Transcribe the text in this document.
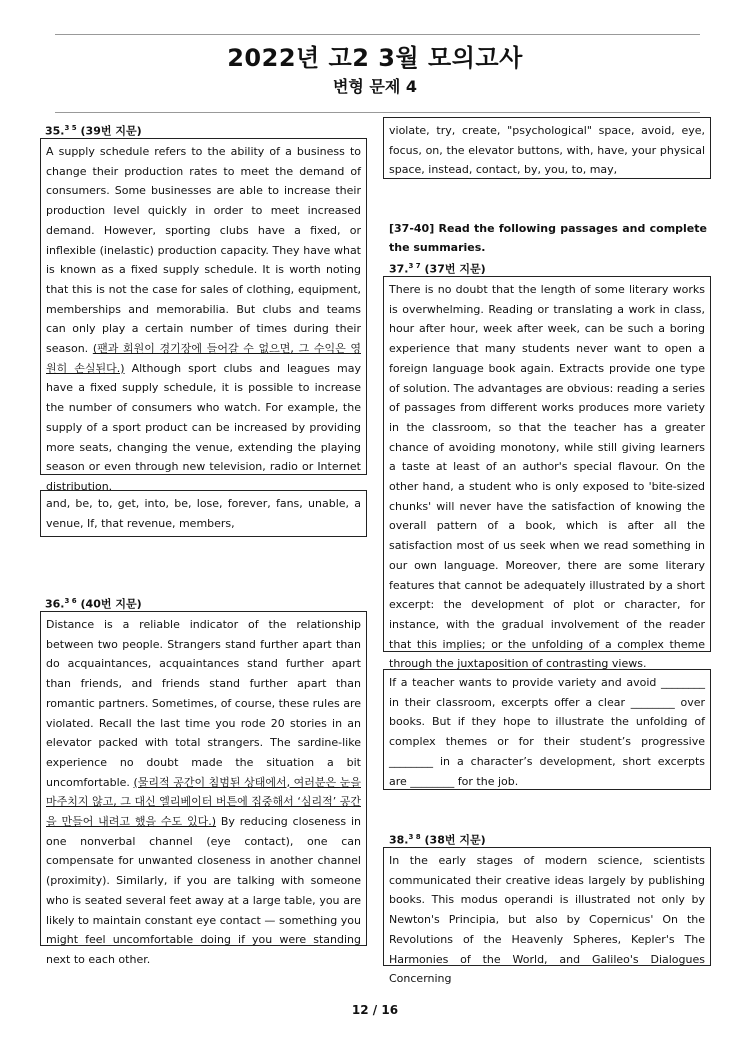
2022년 고2 3월 모의고사
변형 문제 4
35.$^{3 5}$ (39번 지문)
A supply schedule refers to the ability of a business to change their production rates to meet the demand of consumers. Some businesses are able to increase their production level quickly in order to meet increased demand. However, sporting clubs have a fixed, or inflexible (inelastic) production capacity. They have what is known as a fixed supply schedule. It is worth noting that this is not the case for sales of clothing, equipment, memberships and memorabilia. But clubs and teams can only play a certain number of times during their season. (팬과 회원이 경기장에 들어갈 수 없으면, 그 수익은 영원히 손실된다.) Although sport clubs and leagues may have a fixed supply schedule, it is possible to increase the number of consumers who watch. For example, the supply of a sport product can be increased by providing more seats, changing the venue, extending the playing season or even through new television, radio or Internet distribution.
and, be, to, get, into, be, lose, forever, fans, unable, a venue, If, that revenue, members,
36.$^{3 6}$ (40번 지문)
Distance is a reliable indicator of the relationship between two people. Strangers stand further apart than do acquaintances, acquaintances stand further apart than friends, and friends stand further apart than romantic partners. Sometimes, of course, these rules are violated. Recall the last time you rode 20 stories in an elevator packed with total strangers. The sardine-like experience no doubt made the situation a bit uncomfortable. (물리적 공간이 침범된 상태에서, 여러분은 눈을 마주치지 않고, 그 대신 엘리베이터 버튼에 집중해서 ‘심리적’ 공간을 만들어 내려고 했을 수도 있다.) By reducing closeness in one nonverbal channel (eye contact), one can compensate for unwanted closeness in another channel (proximity). Similarly, if you are talking with someone who is seated several feet away at a large table, you are likely to maintain constant eye contact — something you might feel uncomfortable doing if you were standing next to each other.
violate, try, create, "psychological" space, avoid, eye, focus, on, the elevator buttons, with, have, your physical space, instead, contact, by, you, to, may,
[37-40] Read the following passages and complete the summaries.
37.$^{3 7}$ (37번 지문)
There is no doubt that the length of some literary works is overwhelming. Reading or translating a work in class, hour after hour, week after week, can be such a boring experience that many students never want to open a foreign language book again. Extracts provide one type of solution. The advantages are obvious: reading a series of passages from different works produces more variety in the classroom, so that the teacher has a greater chance of avoiding monotony, while still giving learners a taste at least of an author's special flavour. On the other hand, a student who is only exposed to 'bite-sized chunks' will never have the satisfaction of knowing the overall pattern of a book, which is after all the satisfaction most of us seek when we read something in our own language. Moreover, there are some literary features that cannot be adequately illustrated by a short excerpt: the development of plot or character, for instance, with the gradual involvement of the reader that this implies; or the unfolding of a complex theme through the juxtaposition of contrasting views.
If a teacher wants to provide variety and avoid ________ in their classroom, excerpts offer a clear ________ over books. But if they hope to illustrate the unfolding of complex themes or for their student’s progressive ________ in a character’s development, short excerpts are ________ for the job.
38.$^{3 8}$ (38번 지문)
In the early stages of modern science, scientists communicated their creative ideas largely by publishing books. This modus operandi is illustrated not only by Newton's Principia, but also by Copernicus' On the Revolutions of the Heavenly Spheres, Kepler's The Harmonies of the World, and Galileo's Dialogues Concerning
12 / 16
